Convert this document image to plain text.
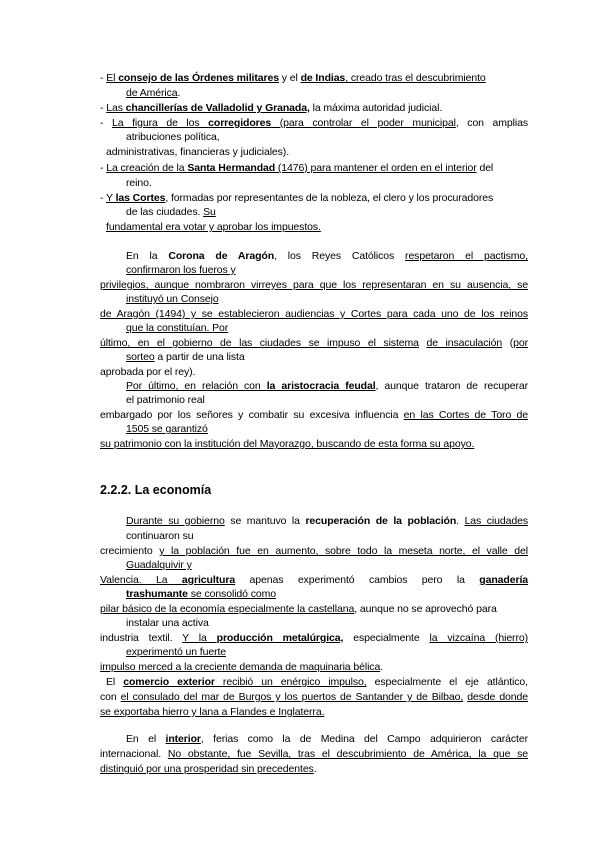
- El consejo de las Órdenes militares y el de Indias, creado tras el descubrimiento
de América.
- Las chancillerías de Valladolid y Granada, la máxima autoridad judicial.
- La figura de los corregidores (para controlar el poder municipal, con amplias
atribuciones política,
administrativas, financieras y judiciales).
- La creación de la Santa Hermandad (1476) para mantener el orden en el interior del
reino.
- Y las Cortes, formadas por representantes de la nobleza, el clero y los procuradores
de las ciudades. Su
fundamental era votar y aprobar los impuestos.
En la Corona de Aragón, los Reyes Católicos respetaron el pactismo,
confirmaron los fueros y
privilegios, aunque nombraron virreyes para que los representaran en su ausencia, se
instituyó un Consejo
de Aragón (1494) y se establecieron audiencias y Cortes para cada uno de los reinos
que la constituían. Por
último, en el gobierno de las ciudades se impuso el sistema de insaculación (por
sorteo a partir de una lista
aprobada por el rey).
Por último, en relación con la aristocracia feudal, aunque trataron de recuperar
el patrimonio real
embargado por los señores y combatir su excesiva influencia en las Cortes de Toro de
1505 se garantizó
su patrimonio con la institución del Mayorazgo, buscando de esta forma su apoyo.
2.2.2. La economía
Durante su gobierno se mantuvo la recuperación de la población. Las ciudades
continuaron su
crecimiento y la población fue en aumento, sobre todo la meseta norte, el valle del
Guadalquivir y
Valencia. La agricultura apenas experimentó cambios pero la ganadería
trashumante se consolidó como
pilar básico de la economía especialmente la castellana, aunque no se aprovechó para
instalar una activa
industria textil. Y la producción metalúrgica, especialmente la vizcaína (hierro)
experimentó un fuerte
impulso merced a la creciente demanda de maquinaria bélica.
El comercio exterior recibió un enérgico impulso, especialmente el eje atlántico,
con el consulado del mar de Burgos y los puertos de Santander y de Bilbao, desde donde
se exportaba hierro y lana a Flandes e Inglaterra.
En el interior, ferias como la de Medina del Campo adquirieron carácter
internacional. No obstante, fue Sevilla, tras el descubrimiento de América, la que se
distinguió por una prosperidad sin precedentes.
